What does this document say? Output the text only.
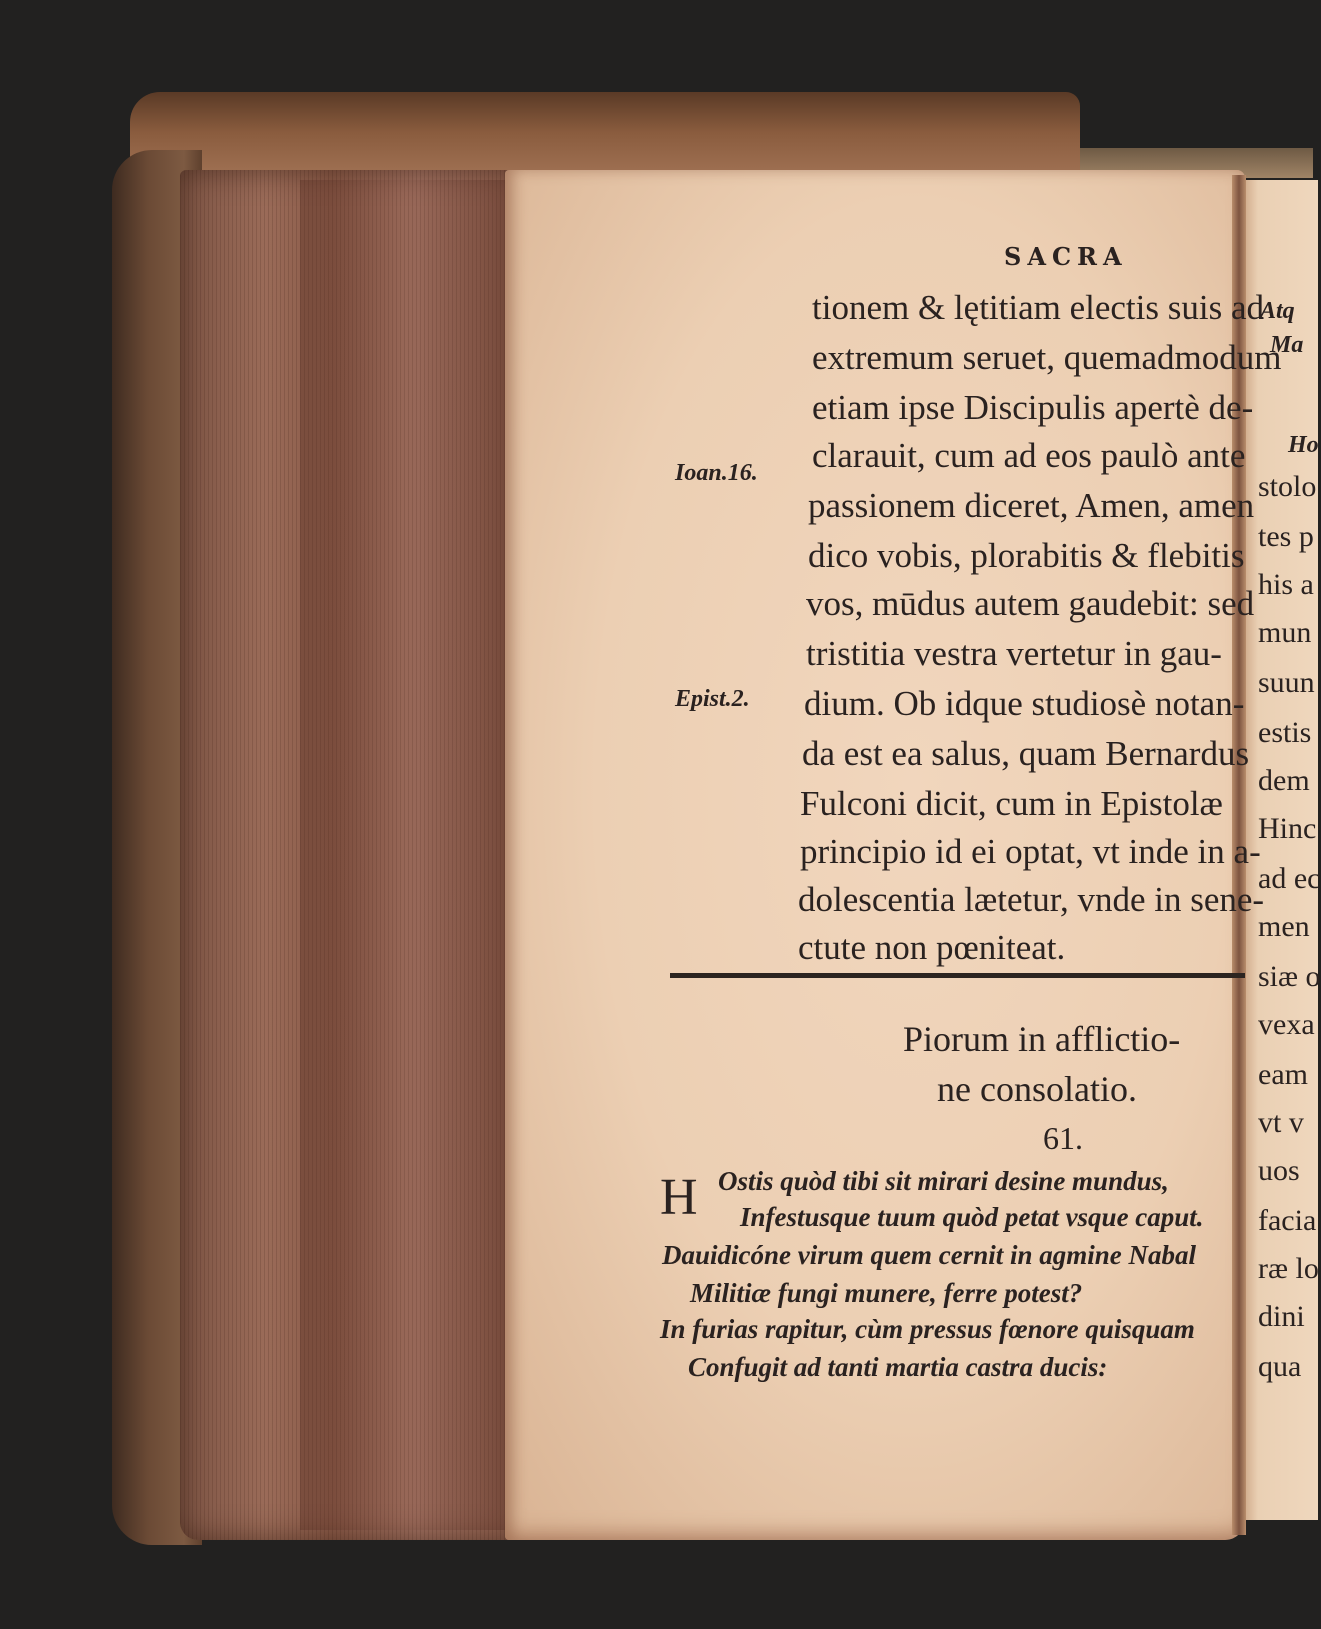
SACRA
Ioan.16.
Epist.2.
tionem & lętitiam electis suis ad
extremum seruet, quemadmodum
etiam ipse Discipulis apertè de-
clarauit, cum ad eos paulò ante
passionem diceret, Amen, amen
dico vobis, plorabitis & flebitis
vos, mūdus autem gaudebit: sed
tristitia vestra vertetur in gau-
dium. Ob idque studiosè notan-
da est ea salus, quam Bernardus
Fulconi dicit, cum in Epistolæ
principio id ei optat, vt inde in a-
dolescentia lætetur, vnde in sene-
ctute non pœniteat.
Piorum in afflictio-
ne consolatio.
61.
H Ostis quòd tibi sit mirari desine mundus,
Infestusque tuum quòd petat vsque caput.
Dauidicóne virum quem cernit in agmine Nabal
Militiæ fungi munere, ferre potest?
In furias rapitur, cùm pressus fœnore quisquam
Confugit ad tanti martia castra ducis:
Atq
Ma
Ho
stolo
tes p
his a
mun
suun
estis
dem
Hinc
ad ec
men
siæ o
vexa
eam
vt v
uos
facia
ræ lo
dini
qua
